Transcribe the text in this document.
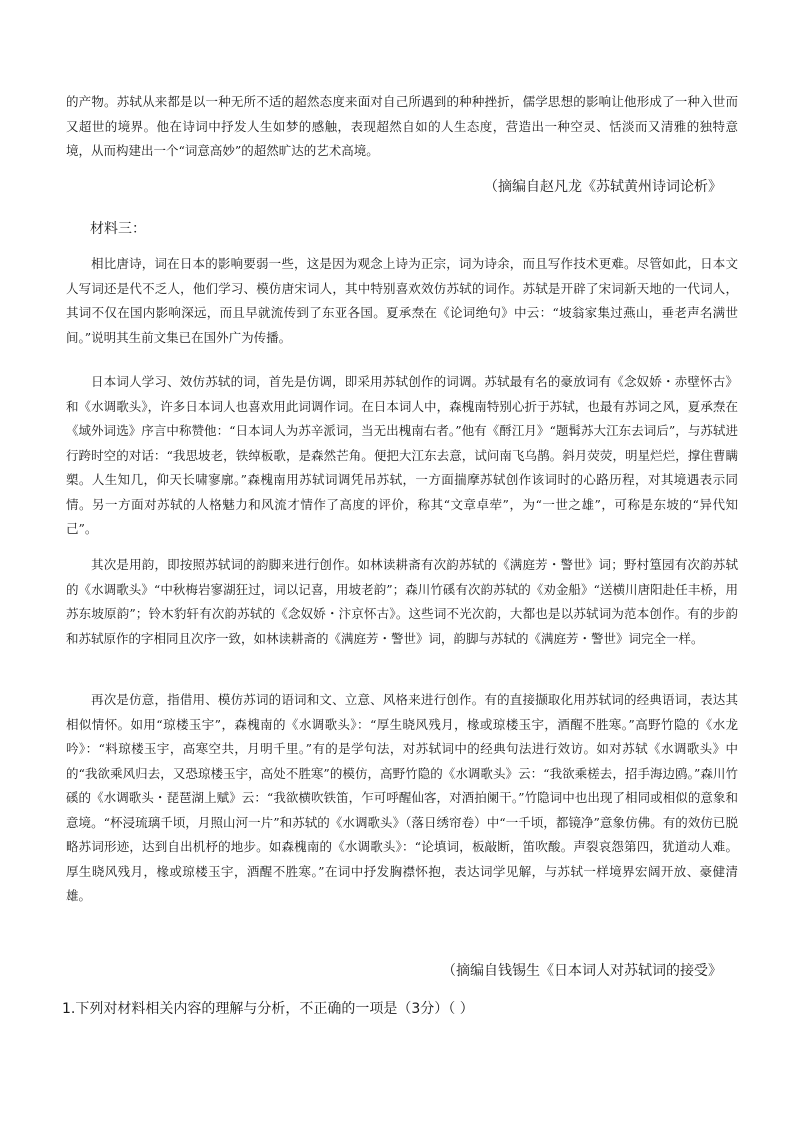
的产物。苏轼从来都是以一种无所不适的超然态度来面对自己所遇到的种种挫折，儒学思想的影响让他形成了一种入世而又超世的境界。他在诗词中抒发人生如梦的感触，表现超然自如的人生态度，营造出一种空灵、恬淡而又清雅的独特意境，从而构建出一个“词意高妙”的超然旷达的艺术高境。

（摘编自赵凡龙《苏轼黄州诗词论析》

材料三：

相比唐诗，词在日本的影响要弱一些，这是因为观念上诗为正宗，词为诗余，而且写作技术更难。尽管如此，日本文人写词还是代不乏人，他们学习、模仿唐宋词人，其中特别喜欢效仿苏轼的词作。苏轼是开辟了宋词新天地的一代词人，其词不仅在国内影响深远，而且早就流传到了东亚各国。夏承焘在《论词绝句》中云：“坡翁家集过燕山，垂老声名满世间。”说明其生前文集已在国外广为传播。

日本词人学习、效仿苏轼的词，首先是仿调，即采用苏轼创作的词调。苏轼最有名的豪放词有《念奴娇・赤壁怀古》和《水调歌头》，许多日本词人也喜欢用此词调作词。在日本词人中，森槐南特别心折于苏轼，也最有苏词之风，夏承焘在《域外词选》序言中称赞他：“日本词人为苏辛派词，当无出槐南右者。”他有《酹江月》“题髯苏大江东去词后”，与苏轼进行跨时空的对话：“我思坡老，铁绰板歌，是森然芒角。便把大江东去意，试问南飞乌鹊。斜月荧荧，明星烂烂，撑住曹瞒槊。人生知几，仰天长啸寥廓。”森槐南用苏轼词调凭吊苏轼，一方面揣摩苏轼创作该词时的心路历程，对其境遇表示同情。另一方面对苏轼的人格魅力和风流才情作了高度的评价，称其“文章卓荦”，为“一世之雄”，可称是东坡的“异代知己”。

其次是用韵，即按照苏轼词的韵脚来进行创作。如林读耕斋有次韵苏轼的《满庭芳・警世》词；野村篁园有次韵苏轼的《水调歌头》“中秋梅岩寥湖狂过，词以记喜，用坡老韵”；森川竹磎有次韵苏轼的《劝金船》“送横川唐阳赴任丰桥，用苏东坡原韵”；铃木豹轩有次韵苏轼的《念奴娇・汴京怀古》。这些词不光次韵，大都也是以苏轼词为范本创作。有的步韵和苏轼原作的字相同且次序一致，如林读耕斋的《满庭芳・警世》词，韵脚与苏轼的《满庭芳・警世》词完全一样。

再次是仿意，指借用、模仿苏词的语词和文、立意、风格来进行创作。有的直接撷取化用苏轼词的经典语词，表达其相似情怀。如用“琼楼玉宇”，森槐南的《水调歌头》：“厚生晓风残月，椽或琼楼玉宇，酒醒不胜寒。”高野竹隐的《水龙吟》：“料琼楼玉宇，高寒空共，月明千里。”有的是学句法，对苏轼词中的经典句法进行效访。如对苏轼《水调歌头》中的“我欲乘风归去，又恐琼楼玉宇，高处不胜寒”的模仿，高野竹隐的《水调歌头》云：“我欲乘槎去，招手海边鸥。”森川竹磎的《水调歌头・琵琶湖上赋》云：“我欲横吹铁笛，乍可呼醒仙客，对酒拍阑干。”竹隐词中也出现了相同或相似的意象和意境。“杯浸琉璃千顷，月照山河一片”和苏轼的《水调歌头》（落日绣帘卷）中“一千顷，都镜净”意象仿佛。有的效仿已脱略苏词形迹，达到自出机杼的地步。如森槐南的《水调歌头》：“论填词，板敲断，笛吹酸。声裂哀怨第四，犹道动人难。厚生晓风残月，椽或琼楼玉宇，酒醒不胜寒。”在词中抒发胸襟怀抱，表达词学见解，与苏轼一样境界宏阔开放、豪健清雄。

（摘编自钱锡生《日本词人对苏轼词的接受》

1.下列对材料相关内容的理解与分析，不正确的一项是（3分）（ ）
